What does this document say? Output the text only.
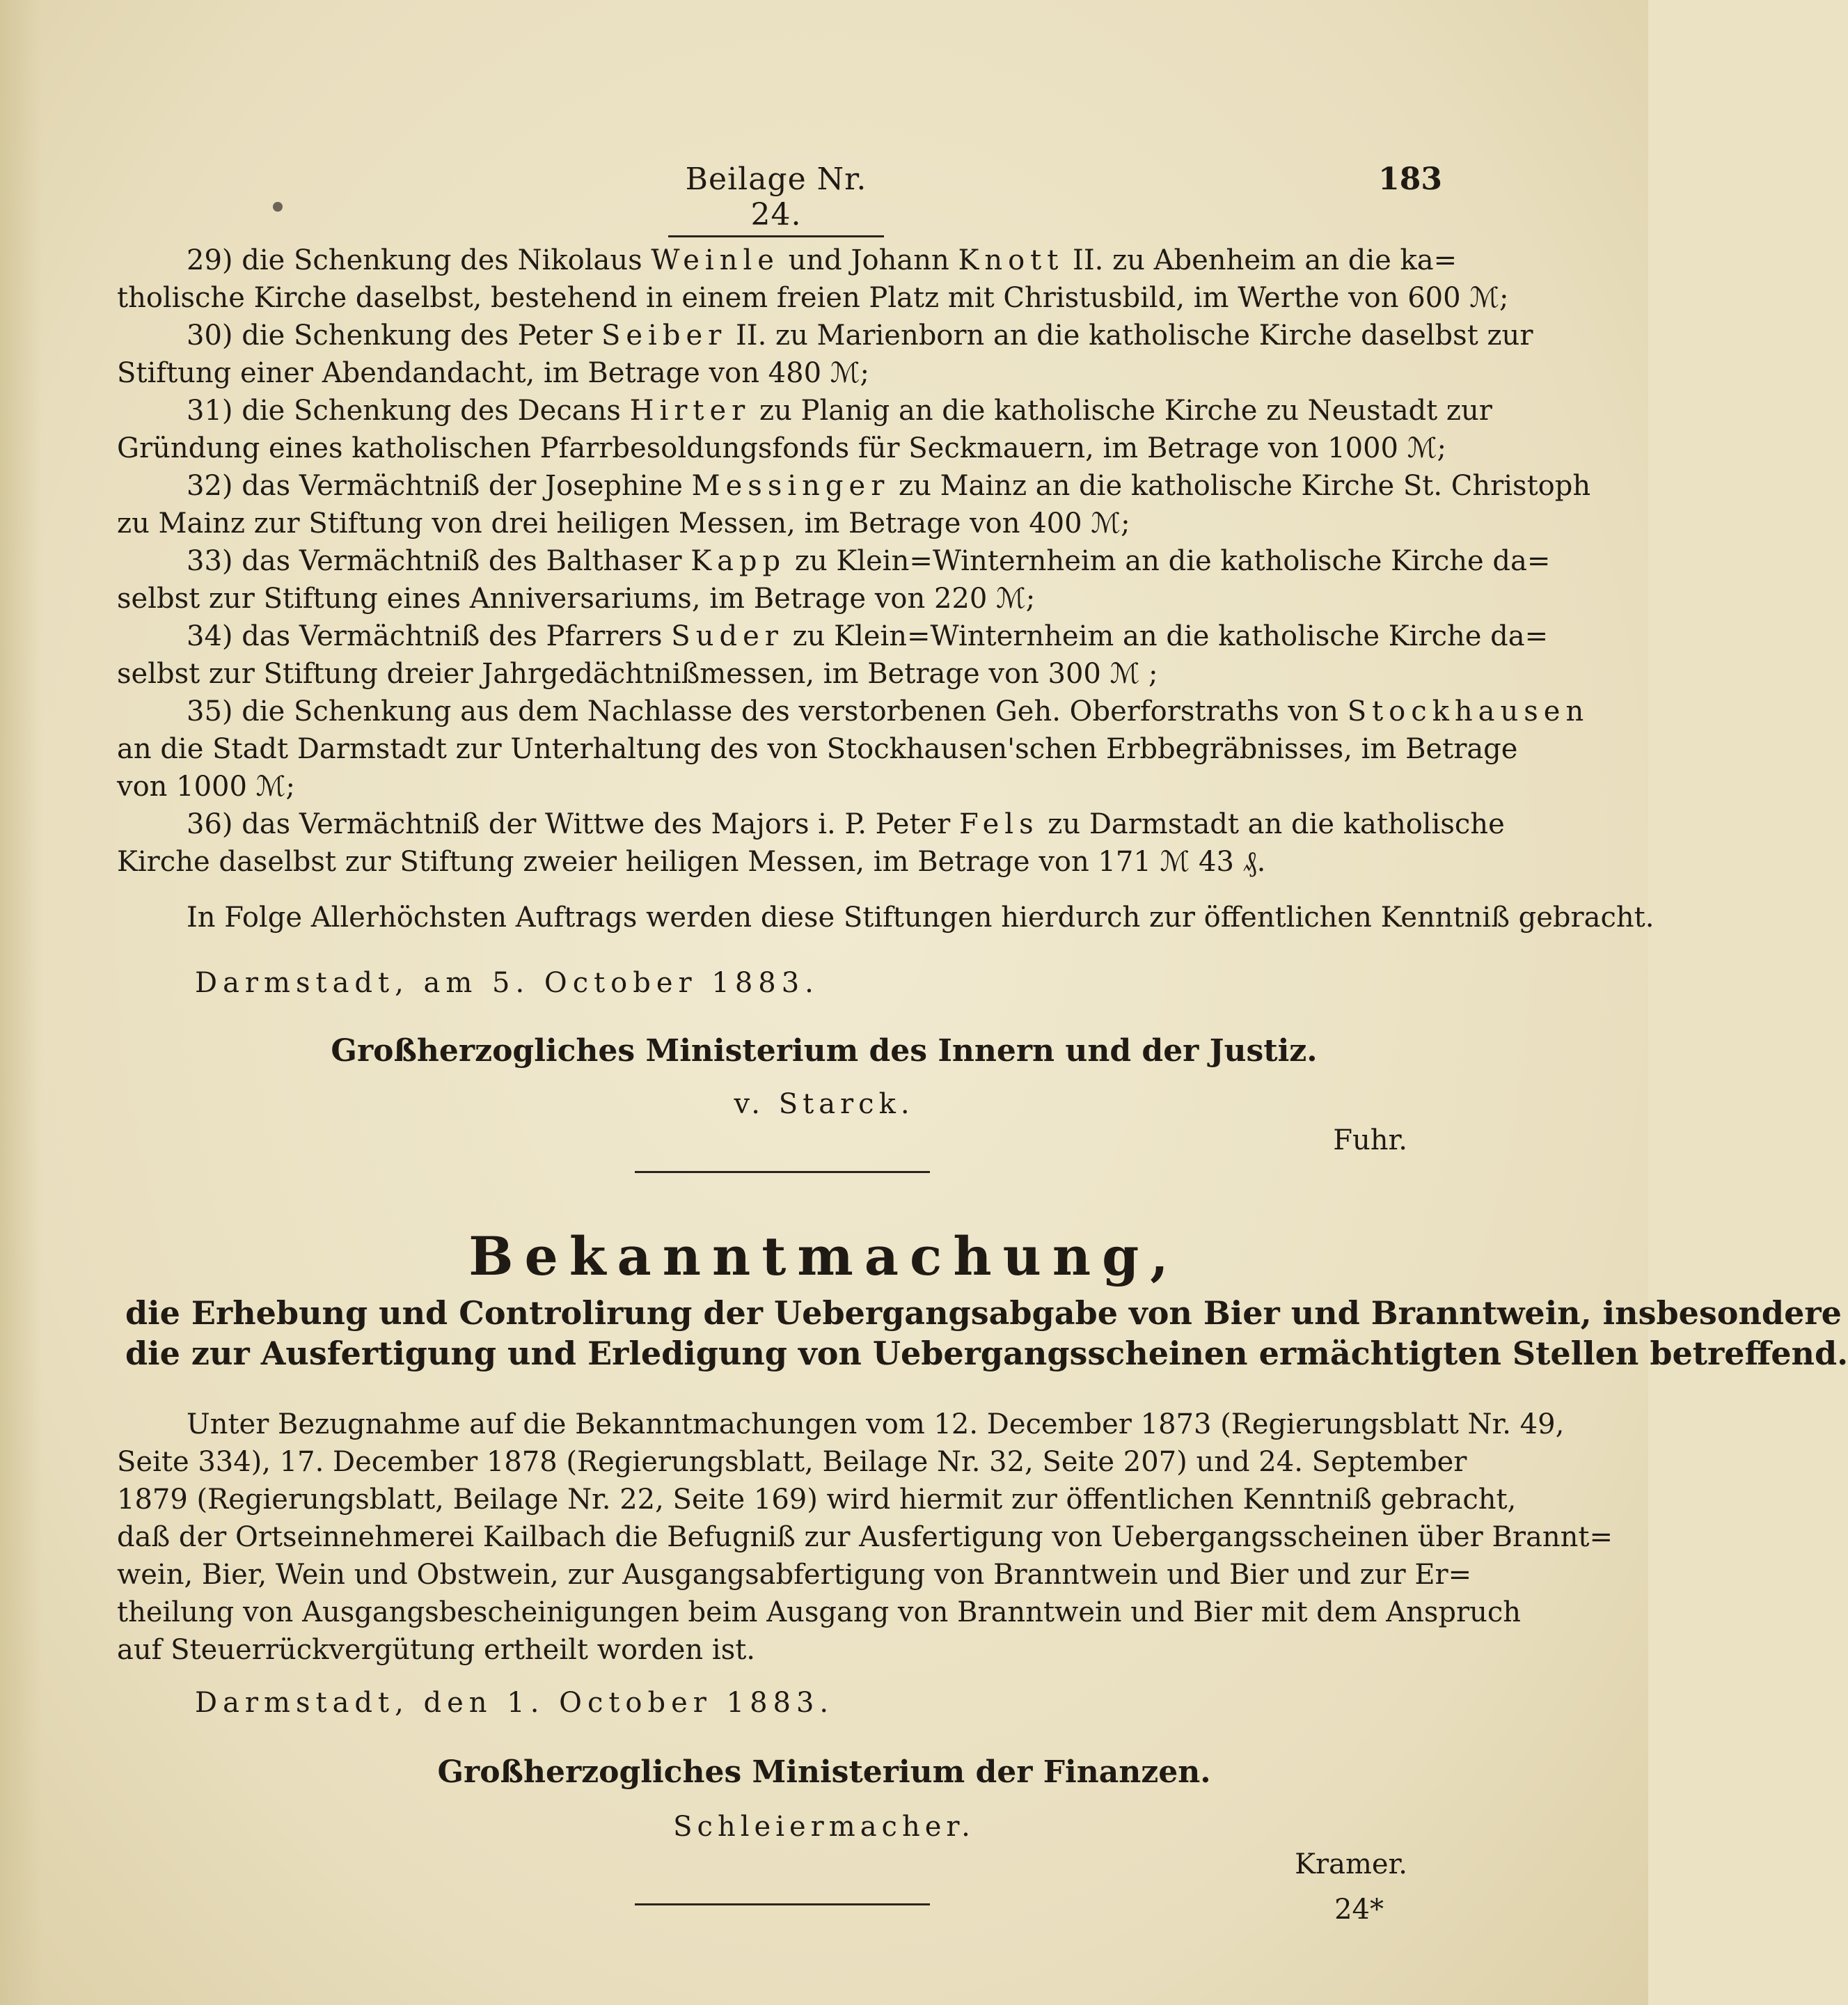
Beilage Nr. 24.
183
29) die Schenkung des Nikolaus Weinle und Johann Knott II. zu Abenheim an die ka=
tholische Kirche daselbst, bestehend in einem freien Platz mit Christusbild, im Werthe von 600 ℳ;
30) die Schenkung des Peter Seiber II. zu Marienborn an die katholische Kirche daselbst zur
Stiftung einer Abendandacht, im Betrage von 480 ℳ;
31) die Schenkung des Decans Hirter zu Planig an die katholische Kirche zu Neustadt zur
Gründung eines katholischen Pfarrbesoldungsfonds für Seckmauern, im Betrage von 1000 ℳ;
32) das Vermächtniß der Josephine Messinger zu Mainz an die katholische Kirche St. Christoph
zu Mainz zur Stiftung von drei heiligen Messen, im Betrage von 400 ℳ;
33) das Vermächtniß des Balthaser Kapp zu Klein=Winternheim an die katholische Kirche da=
selbst zur Stiftung eines Anniversariums, im Betrage von 220 ℳ;
34) das Vermächtniß des Pfarrers Suder zu Klein=Winternheim an die katholische Kirche da=
selbst zur Stiftung dreier Jahrgedächtnißmessen, im Betrage von 300 ℳ ;
35) die Schenkung aus dem Nachlasse des verstorbenen Geh. Oberforstraths von Stockhausen
an die Stadt Darmstadt zur Unterhaltung des von Stockhausen'schen Erbbegräbnisses, im Betrage
von 1000 ℳ;
36) das Vermächtniß der Wittwe des Majors i. P. Peter Fels zu Darmstadt an die katholische
Kirche daselbst zur Stiftung zweier heiligen Messen, im Betrage von 171 ℳ 43 ₰.
In Folge Allerhöchsten Auftrags werden diese Stiftungen hierdurch zur öffentlichen Kenntniß gebracht.
Darmstadt, am 5. October 1883.
Großherzogliches Ministerium des Innern und der Justiz.
v. Starck.
Fuhr.
Bekanntmachung,
die Erhebung und Controlirung der Uebergangsabgabe von Bier und Branntwein, insbesondere
die zur Ausfertigung und Erledigung von Uebergangsscheinen ermächtigten Stellen betreffend.
Unter Bezugnahme auf die Bekanntmachungen vom 12. December 1873 (Regierungsblatt Nr. 49,
Seite 334), 17. December 1878 (Regierungsblatt, Beilage Nr. 32, Seite 207) und 24. September
1879 (Regierungsblatt, Beilage Nr. 22, Seite 169) wird hiermit zur öffentlichen Kenntniß gebracht,
daß der Ortseinnehmerei Kailbach die Befugniß zur Ausfertigung von Uebergangsscheinen über Brannt=
wein, Bier, Wein und Obstwein, zur Ausgangsabfertigung von Branntwein und Bier und zur Er=
theilung von Ausgangsbescheinigungen beim Ausgang von Branntwein und Bier mit dem Anspruch
auf Steuerrückvergütung ertheilt worden ist.
Darmstadt, den 1. October 1883.
Großherzogliches Ministerium der Finanzen.
Schleiermacher.
Kramer.
24*
